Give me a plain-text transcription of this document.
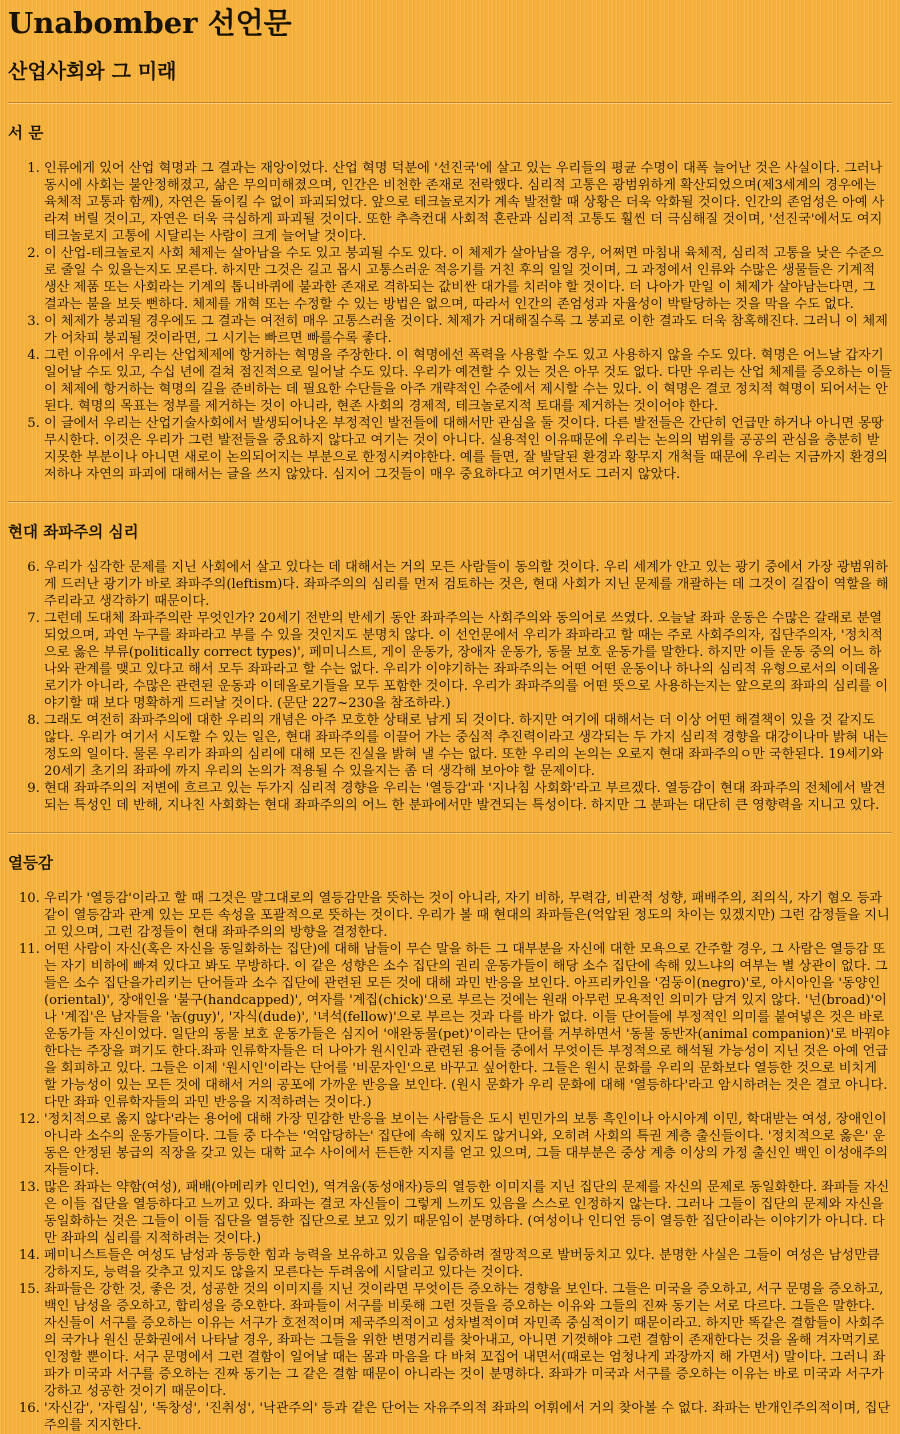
Unabomber 선언문
산업사회와 그 미래
서 문
1. 인류에게 있어 산업 혁명과 그 결과는 재앙이었다. 산업 혁명 덕분에 '선진국'에 살고 있는 우리들의 평균 수명이 대폭 늘어난 것은 사실이다. 그러나 동시에 사회는 불안정해졌고, 삶은 무의미해졌으며, 인간은 비천한 존재로 전락했다. 심리적 고통은 광범위하게 확산되었으며(제3세계의 경우에는 육체적 고통과 함께), 자연은 돌이킬 수 없이 파괴되었다. 앞으로 테크놀로지가 계속 발전할 때 상황은 더욱 악화될 것이다. 인간의 존엄성은 아예 사라져 버릴 것이고, 자연은 더욱 극심하게 파괴될 것이다. 또한 추측컨대 사회적 혼란과 심리적 고통도 훨씬 더 극심해질 것이며, '선진국'에서도 여지 테크놀로지 고통에 시달리는 사람이 크게 늘어날 것이다.
2. 이 산업-테크놀로지 사회 체제는 살아남을 수도 있고 붕괴될 수도 있다. 이 체제가 살아남을 경우, 어쩌면 마침내 육체적, 심리적 고통을 낮은 수준으로 줄일 수 있을는지도 모른다. 하지만 그것은 길고 몹시 고통스러운 적응기를 거친 후의 일일 것이며, 그 과정에서 인류와 수많은 생물들은 기계적 생산 제품 또는 사회라는 기계의 톱니바퀴에 불과한 존재로 격하되는 값비싼 대가를 치러야 할 것이다. 더 나아가 만일 이 체제가 살아남는다면, 그 결과는 불을 보듯 뻔하다. 체제를 개혁 또는 수정할 수 있는 방법은 없으며, 따라서 인간의 존엄성과 자율성이 박탈당하는 것을 막을 수도 없다.
3. 이 체제가 붕괴될 경우에도 그 결과는 여전히 매우 고통스러울 것이다. 체제가 거대해질수록 그 붕괴로 이한 결과도 더욱 참혹해진다. 그러니 이 체제가 어차피 붕괴될 것이라면, 그 시기는 빠르면 빠를수록 좋다.
4. 그런 이유에서 우리는 산업체제에 항거하는 혁명을 주장한다. 이 혁명에선 폭력을 사용할 수도 있고 사용하지 않을 수도 있다. 혁명은 어느날 갑자기 일어날 수도 있고, 수십 년에 걸쳐 점진적으로 일어날 수도 있다. 우리가 예견할 수 있는 것은 아무 것도 없다. 다만 우리는 산업 체제를 증오하는 이들이 체제에 항거하는 혁명의 길을 준비하는 데 필요한 수단들을 아주 개략적인 수준에서 제시할 수는 있다. 이 혁명은 결코 정치적 혁명이 되어서는 안 된다. 혁명의 목표는 정부를 제거하는 것이 아니라, 현존 사회의 경제적, 테크놀로지적 토대를 제거하는 것이어야 한다.
5. 이 글에서 우리는 산업기술사회에서 발생되어나온 부정적인 발전들에 대해서만 관심을 둘 것이다. 다른 발전들은 간단히 언급만 하거나 아니면 몽땅 무시한다. 이것은 우리가 그런 발전들을 중요하지 않다고 여기는 것이 아니다. 실용적인 이유때문에 우리는 논의의 범위를 공공의 관심을 충분히 받지못한 부분이나 아니면 새로이 논의되어지는 부분으로 한정시켜야한다. 예를 들면, 잘 발달된 환경과 황무지 개척들 때문에 우리는 지금까지 환경의 저하나 자연의 파괴에 대해서는 글을 쓰지 않았다. 심지어 그것들이 매우 중요하다고 여기면서도 그러지 않았다.
현대 좌파주의 심리
6. 우리가 심각한 문제를 지닌 사회에서 살고 있다는 데 대해서는 거의 모든 사람들이 동의할 것이다. 우리 세계가 안고 있는 광기 중에서 가장 광범위하게 드러난 광기가 바로 좌파주의(leftism)다. 좌파주의의 심리를 먼저 검토하는 것은, 현대 사회가 지닌 문제를 개괄하는 데 그것이 길잡이 역할을 해 주리라고 생각하기 때문이다.
7. 그런데 도대체 좌파주의란 무엇인가? 20세기 전반의 반세기 동안 좌파주의는 사회주의와 동의어로 쓰였다. 오늘날 좌파 운동은 수많은 갈래로 분열되었으며, 과연 누구를 좌파라고 부를 수 있을 것인지도 분명치 않다. 이 선언문에서 우리가 좌파라고 할 때는 주로 사회주의자, 집단주의자, '정치적으로 옳은 부류(politically correct types)', 페미니스트, 게이 운동가, 장애자 운동가, 동물 보호 운동가를 말한다. 하지만 이들 운동 중의 어느 하나와 관계를 맺고 있다고 해서 모두 좌파라고 할 수는 없다. 우리가 이야기하는 좌파주의는 어떤 어떤 운동이나 하나의 심리적 유형으로서의 이데올로기가 아니라, 수많은 관련된 운동과 이데올로기들을 모두 포함한 것이다. 우리가 좌파주의를 어떤 뜻으로 사용하는지는 앞으로의 좌파의 심리를 이야기할 때 보다 명확하게 드러날 것이다. (문단 227~230을 참조하라.)
8. 그래도 여전히 좌파주의에 대한 우리의 개념은 아주 모호한 상태로 남게 되 것이다. 하지만 여기에 대해서는 더 이상 어떤 해결책이 있을 것 같지도 않다. 우리가 여기서 시도할 수 있는 일은, 현대 좌파주의를 이끌어 가는 중심적 추진력이라고 생각되는 두 가지 심리적 경향을 대강이나마 밝혀 내는 정도의 일이다. 물론 우리가 좌파의 심리에 대해 모든 진실을 밝혀 낼 수는 없다. 또한 우리의 논의는 오로지 현대 좌파주의ㅇ만 국한된다. 19세기와 20세기 초기의 좌파에 까지 우리의 논의가 적용될 수 있을지는 좀 더 생각해 보아야 할 문제이다.
9. 현대 좌파주의의 저변에 흐르고 있는 두가지 심리적 경향을 우리는 '열등감'과 '지나침 사회화'라고 부르겠다. 열등감이 현대 좌파주의 전체에서 발견되는 특성인 데 반해, 지나친 사회화는 현대 좌파주의의 어느 한 분파에서만 발견되는 특성이다. 하지만 그 분파는 대단히 큰 영향력을 지니고 있다.
열등감
10. 우리가 '열등감'이라고 할 때 그것은 말그대로의 열등감만을 뜻하는 것이 아니라, 자기 비하, 무력감, 비관적 성향, 패배주의, 죄의식, 자기 혐오 등과 같이 열등감과 관계 있는 모든 속성을 포괄적으로 뜻하는 것이다. 우리가 볼 때 현대의 좌파들은(억압된 정도의 차이는 있겠지만) 그런 감정들을 지니고 있으며, 그런 감정들이 현대 좌파주의의 방향을 결정한다.
11. 어떤 사람이 자신(혹은 자신을 동일화하는 집단)에 대해 남들이 무슨 말을 하든 그 대부분을 자신에 대한 모욕으로 간주할 경우, 그 사람은 열등감 또는 자기 비하에 빠져 있다고 봐도 무방하다. 이 같은 성향은 소수 집단의 권리 운동가들이 해당 소수 집단에 속해 있느냐의 여부는 별 상관이 없다. 그들은 소수 집단을가리키는 단어들과 소수 집단에 관련된 모든 것에 대해 과민 반응을 보인다. 아프리카인을 '검둥이(negro)'로, 아시아인을 '동양인(oriental)', 장애인을 '불구(handcapped)', 여자를 '계집(chick)'으로 부르는 것에는 원래 아무런 모욕적인 의미가 담겨 있지 않다. '넌(broad)'이나 '계집'은 남자들을 '놈(guy)', '자식(dude)', '녀석(fellow)'으로 부르는 것과 다를 바가 없다. 이들 단어들에 부정적인 의미를 붙여넣은 것은 바로 운동가들 자신이었다. 일단의 동물 보호 운동가들은 심지어 '애완동물(pet)'이라는 단어를 거부하면서 '동물 동반자(animal companion)'로 바꿔야 한다는 주장을 펴기도 한다.좌파 인류학자들은 더 나아가 원시인과 관련된 용어들 중에서 무엇이든 부정적으로 해석될 가능성이 지닌 것은 아예 언급을 회피하고 있다. 그들은 이제 '원시인'이라는 단어를 '비문자인'으로 바꾸고 싶어한다. 그들은 원시 문화를 우리의 문화보다 열등한 것으로 비치게 할 가능성이 있는 모든 것에 대해서 거의 공포에 가까운 반응을 보인다. (원시 문화가 우리 문화에 대해 '열등하다'라고 암시하려는 것은 결코 아니다. 다만 좌파 인류학자들의 과민 반응을 지적하려는 것이다.)
12. '정치적으로 옳지 않다'라는 용어에 대해 가장 민감한 반응을 보이는 사람들은 도시 빈민가의 보통 흑인이나 아시아계 이민, 학대받는 여성, 장애인이 아니라 소수의 운동가들이다. 그들 중 다수는 '억압당하는' 집단에 속해 있지도 않거니와, 오히려 사회의 특권 계층 출신들이다. '정치적으로 옳은' 운동은 안정된 봉급의 직장을 갖고 있는 대학 교수 사이에서 든든한 지지를 얻고 있으며, 그들 대부분은 중상 계층 이상의 가정 출신인 백인 이성애주의자들이다.
13. 많은 좌파는 약함(여성), 패배(아메리카 인디언), 역겨움(동성애자)등의 열등한 이미지를 지닌 집단의 문제를 자신의 문제로 동일화한다. 좌파들 자신은 이들 집단을 열등하다고 느끼고 있다. 좌파는 결코 자신들이 그렇게 느끼도 있음을 스스로 인정하지 않는다. 그러나 그들이 집단의 문제와 자신을 동일화하는 것은 그들이 이들 집단을 열등한 집단으로 보고 있기 때문임이 분명하다. (여성이나 인디언 등이 열등한 집단이라는 이야기가 아니다. 다만 좌파의 심리를 지적하려는 것이다.)
14. 페미니스트들은 여성도 남성과 동등한 힘과 능력을 보유하고 있음을 입증하려 절망적으로 발버둥치고 있다. 분명한 사실은 그들이 여성은 남성만큼 강하지도, 능력을 갖추고 있지도 않을지 모른다는 두려움에 시달리고 있다는 것이다.
15. 좌파들은 강한 것, 좋은 것, 성공한 것의 이미지를 지닌 것이라면 무엇이든 증오하는 경향을 보인다. 그들은 미국을 증오하고, 서구 문명을 증오하고, 백인 남성을 증오하고, 합리성을 증오한다. 좌파들이 서구를 비롯해 그런 것들을 증오하는 이유와 그들의 진짜 동기는 서로 다르다. 그들은 말한다. 자신들이 서구를 증오하는 이유는 서구가 호전적이며 제국주의적이고 성차별적이며 자민족 중심적이기 때문이라고. 하지만 똑같은 결함들이 사회주의 국가나 원신 문화권에서 나타날 경우, 좌파는 그들을 위한 변명거리를 찾아내고, 아니면 기껏해야 그런 결함이 존재한다는 것을 올해 겨자먹기로 인정할 뿐이다. 서구 문명에서 그런 결함이 일어날 때는 몸과 마음을 다 바쳐 꼬집어 내면서(때로는 엄청나게 과장까지 해 가면서) 말이다. 그러니 좌파가 미국과 서구를 증오하는 진짜 동기는 그 같은 결함 때문이 아니라는 것이 분명하다. 좌파가 미국과 서구를 증오하는 이유는 바로 미국과 서구가 강하고 성공한 것이기 때문이다.
16. '자신감', '자립심', '독창성', '진취성', '낙관주의' 등과 같은 단어는 자유주의적 좌파의 어휘에서 거의 찾아볼 수 없다. 좌파는 반개인주의적이며, 집단주의를 지지한다.
